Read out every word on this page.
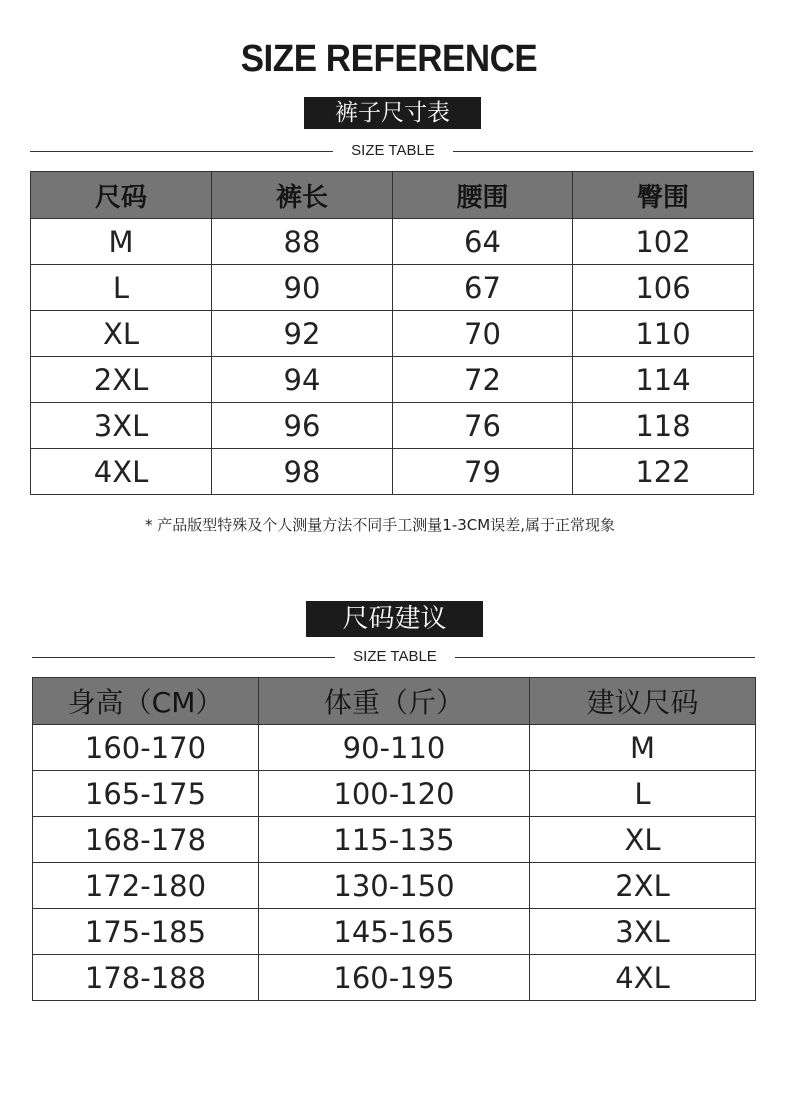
SIZE REFERENCE
裤子尺寸表
SIZE TABLE
尺码	裤长	腰围	臀围
M	88	64	102
L	90	67	106
XL	92	70	110
2XL	94	72	114
3XL	96	76	118
4XL	98	79	122
* 产品版型特殊及个人测量方法不同手工测量1-3CM误差,属于正常现象
尺码建议
SIZE TABLE
身高（CM）	体重（斤）	建议尺码
160-170	90-110	M
165-175	100-120	L
168-178	115-135	XL
172-180	130-150	2XL
175-185	145-165	3XL
178-188	160-195	4XL
